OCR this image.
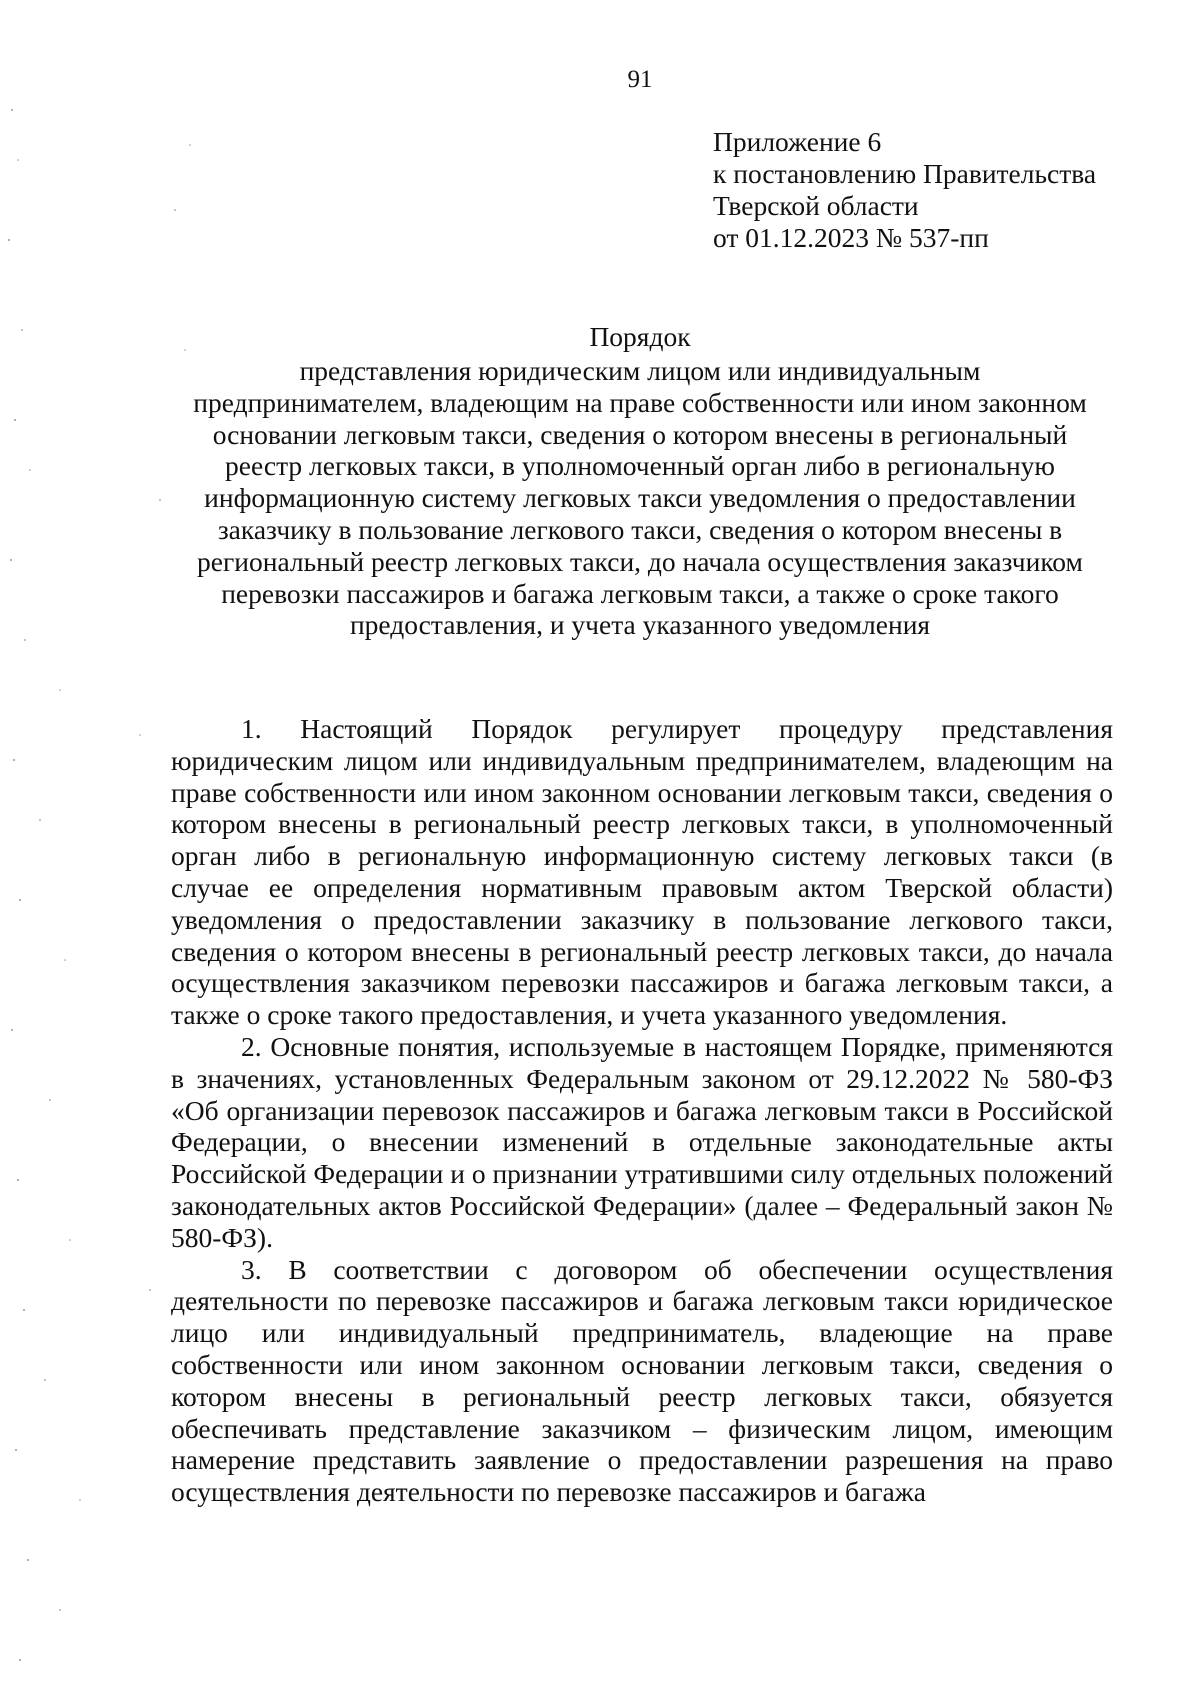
91
Приложение 6
к постановлению Правительства
Тверской области
от 01.12.2023 № 537-пп
Порядок
представления юридическим лицом или индивидуальным
предпринимателем, владеющим на праве собственности или ином законном
основании легковым такси, сведения о котором внесены в региональный
реестр легковых такси, в уполномоченный орган либо в региональную
информационную систему легковых такси уведомления о предоставлении
заказчику в пользование легкового такси, сведения о котором внесены в
региональный реестр легковых такси, до начала осуществления заказчиком
перевозки пассажиров и багажа легковым такси, а также о сроке такого
предоставления, и учета указанного уведомления

1. Настоящий Порядок регулирует процедуру представления юридическим лицом или индивидуальным предпринимателем, владеющим на праве собственности или ином законном основании легковым такси, сведения о котором внесены в региональный реестр легковых такси, в уполномоченный орган либо в региональную информационную систему легковых такси (в случае ее определения нормативным правовым актом Тверской области) уведомления о предоставлении заказчику в пользование легкового такси, сведения о котором внесены в региональный реестр легковых такси, до начала осуществления заказчиком перевозки пассажиров и багажа легковым такси, а также о сроке такого предоставления, и учета указанного уведомления.

2. Основные понятия, используемые в настоящем Порядке, применяются в значениях, установленных Федеральным законом от 29.12.2022 № 580-ФЗ «Об организации перевозок пассажиров и багажа легковым такси в Российской Федерации, о внесении изменений в отдельные законодательные акты Российской Федерации и о признании утратившими силу отдельных положений законодательных актов Российской Федерации» (далее – Федеральный закон № 580-ФЗ).

3. В соответствии с договором об обеспечении осуществления деятельности по перевозке пассажиров и багажа легковым такси юридическое лицо или индивидуальный предприниматель, владеющие на праве собственности или ином законном основании легковым такси, сведения о котором внесены в региональный реестр легковых такси, обязуется обеспечивать представление заказчиком – физическим лицом, имеющим намерение представить заявление о предоставлении разрешения на право осуществления деятельности по перевозке пассажиров и багажа
